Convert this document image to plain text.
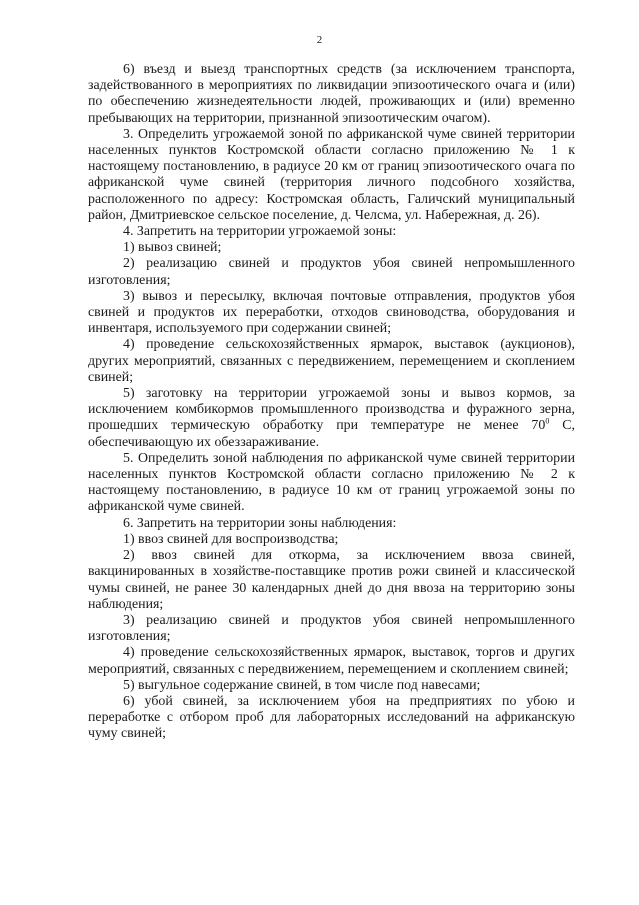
2

6) въезд и выезд транспортных средств (за исключением транспорта, задействованного в мероприятиях по ликвидации эпизоотического очага и (или) по обеспечению жизнедеятельности людей, проживающих и (или) временно пребывающих на территории, признанной эпизоотическим очагом).

3. Определить угрожаемой зоной по африканской чуме свиней территории населенных пунктов Костромской области согласно приложению № 1 к настоящему постановлению, в радиусе 20 км от границ эпизоотического очага по африканской чуме свиней (территория личного подсобного хозяйства, расположенного по адресу: Костромская область, Галичский муниципальный район, Дмитриевское сельское поселение, д. Челсма, ул. Набережная, д. 26).

4. Запретить на территории угрожаемой зоны:

1) вывоз свиней;

2) реализацию свиней и продуктов убоя свиней непромышленного изготовления;

3) вывоз и пересылку, включая почтовые отправления, продуктов убоя свиней и продуктов их переработки, отходов свиноводства, оборудования и инвентаря, используемого при содержании свиней;

4) проведение сельскохозяйственных ярмарок, выставок (аукционов), других мероприятий, связанных с передвижением, перемещением и скоплением свиней;

5) заготовку на территории угрожаемой зоны и вывоз кормов, за исключением комбикормов промышленного производства и фуражного зерна, прошедших термическую обработку при температуре не менее $70^0$ С, обеспечивающую их обеззараживание.

5. Определить зоной наблюдения по африканской чуме свиней территории населенных пунктов Костромской области согласно приложению № 2 к настоящему постановлению, в радиусе 10 км от границ угрожаемой зоны по африканской чуме свиней.

6. Запретить на территории зоны наблюдения:

1) ввоз свиней для воспроизводства;

2) ввоз свиней для откорма, за исключением ввоза свиней, вакцинированных в хозяйстве-поставщике против рожи свиней и классической чумы свиней, не ранее 30 календарных дней до дня ввоза на территорию зоны наблюдения;

3) реализацию свиней и продуктов убоя свиней непромышленного изготовления;

4) проведение сельскохозяйственных ярмарок, выставок, торгов и других мероприятий, связанных с передвижением, перемещением и скоплением свиней;

5) выгульное содержание свиней, в том числе под навесами;

6) убой свиней, за исключением убоя на предприятиях по убою и переработке с отбором проб для лабораторных исследований на африканскую чуму свиней;
